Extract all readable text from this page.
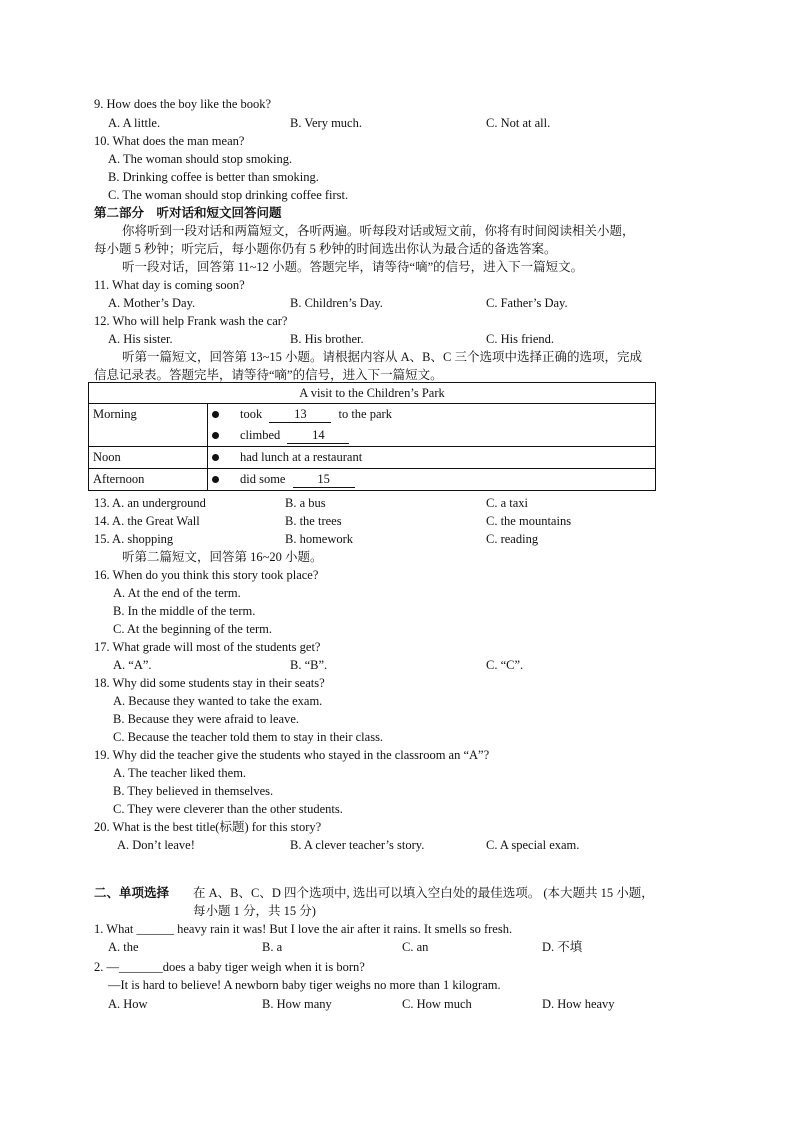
9. How does the boy like the book?
A. A little.	B. Very much.	C. Not at all.
10. What does the man mean?
A. The woman should stop smoking.
B. Drinking coffee is better than smoking.
C. The woman should stop drinking coffee first.
第二部分　听对话和短文回答问题
你将听到一段对话和两篇短文，各听两遍。听每段对话或短文前，你将有时间阅读相关小题，
每小题 5 秒钟；听完后，每小题你仍有 5 秒钟的时间选出你认为最合适的备选答案。
听一段对话，回答第 11~12 小题。答题完毕，请等待“嘀”的信号，进入下一篇短文。
11. What day is coming soon?
A. Mother’s Day.	B. Children’s Day.	C. Father’s Day.
12. Who will help Frank wash the car?
A. His sister.	B. His brother.	C. His friend.
听第一篇短文，回答第 13~15 小题。请根据内容从 A、B、C 三个选项中选择正确的选项，完成
信息记录表。答题完毕，请等待“嘀”的信号，进入下一篇短文。
A visit to the Children’s Park	
Morning	took 13 to the park
climbed 14

Noon	had lunch at a restaurant

Afternoon	did some 15
13. A. an underground	B. a bus	C. a taxi
14. A. the Great Wall	B. the trees	C. the mountains
15. A. shopping	B. homework	C. reading
听第二篇短文，回答第 16~20 小题。
16. When do you think this story took place?
A. At the end of the term.
B. In the middle of the term.
C. At the beginning of the term.
17. What grade will most of the students get?
A. “A”.	B. “B”.	C. “C”.
18. Why did some students stay in their seats?
A. Because they wanted to take the exam.
B. Because they were afraid to leave.
C. Because the teacher told them to stay in their class.
19. Why did the teacher give the students who stayed in the classroom an “A”?
A. The teacher liked them.
B. They believed in themselves.
C. They were cleverer than the other students.
20. What is the best title(标题) for this story?
A. Don’t leave!	B. A clever teacher’s story.	C. A special exam.
二、单项选择 在 A、B、C、D 四个选项中, 选出可以填入空白处的最佳选项。 (本大题共 15 小题，
每小题 1 分，共 15 分)
1. What ______ heavy rain it was! But I love the air after it rains. It smells so fresh.
A. the	B. a	C. an	D. 不填
2. —_______does a baby tiger weigh when it is born?
—It is hard to believe! A newborn baby tiger weighs no more than 1 kilogram.
A. How	B. How many	C. How much	D. How heavy
